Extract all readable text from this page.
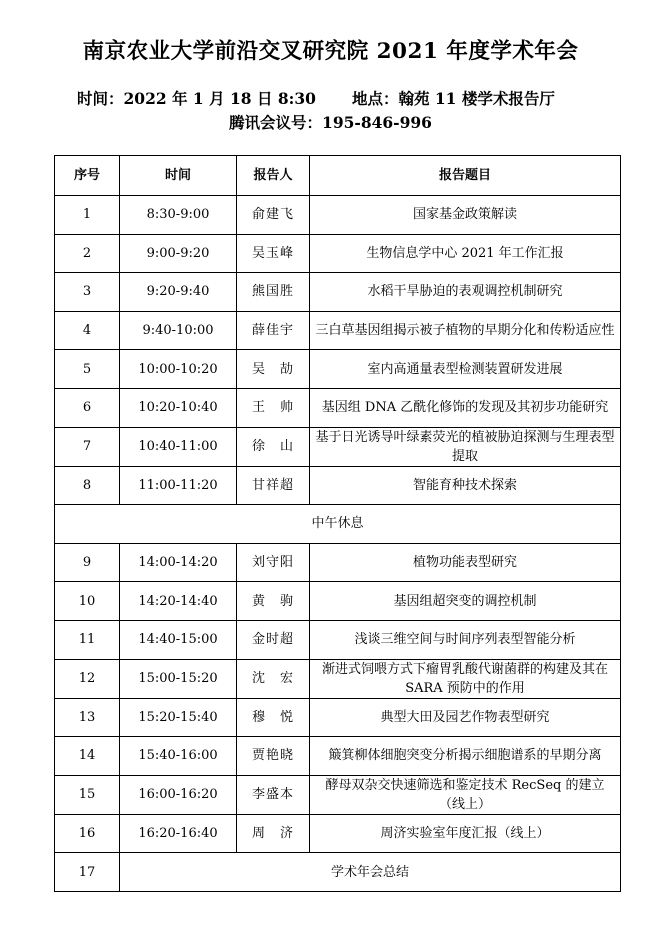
南京农业大学前沿交叉研究院 2021 年度学术年会
时间：2022 年 1 月 18 日 8:30 地点：翰苑 11 楼学术报告厅
腾讯会议号：195-846-996
序号	时间	报告人	报告题目
1	8:30-9:00	俞建飞	国家基金政策解读
2	9:00-9:20	吴玉峰	生物信息学中心 2021 年工作汇报
3	9:20-9:40	熊国胜	水稻干旱胁迫的表观调控机制研究
4	9:40-10:00	薛佳宇	三白草基因组揭示被子植物的早期分化和传粉适应性
5	10:00-10:20	吴　劼	室内高通量表型检测装置研发进展
6	10:20-10:40	王　帅	基因组 DNA 乙酰化修饰的发现及其初步功能研究
7	10:40-11:00	徐　山	基于日光诱导叶绿素荧光的植被胁迫探测与生理表型提取
8	11:00-11:20	甘祥超	智能育种技术探索
中午休息			
9	14:00-14:20	刘守阳	植物功能表型研究
10	14:20-14:40	黄　驹	基因组超突变的调控机制
11	14:40-15:00	金时超	浅谈三维空间与时间序列表型智能分析
12	15:00-15:20	沈　宏	渐进式饲喂方式下瘤胃乳酸代谢菌群的构建及其在 SARA 预防中的作用
13	15:20-15:40	穆　悦	典型大田及园艺作物表型研究
14	15:40-16:00	贾艳晓	簸箕柳体细胞突变分析揭示细胞谱系的早期分离
15	16:00-16:20	李盛本	酵母双杂交快速筛选和鉴定技术 RecSeq 的建立（线上）
16	16:20-16:40	周　济	周济实验室年度汇报（线上）
17	学术年会总结		
